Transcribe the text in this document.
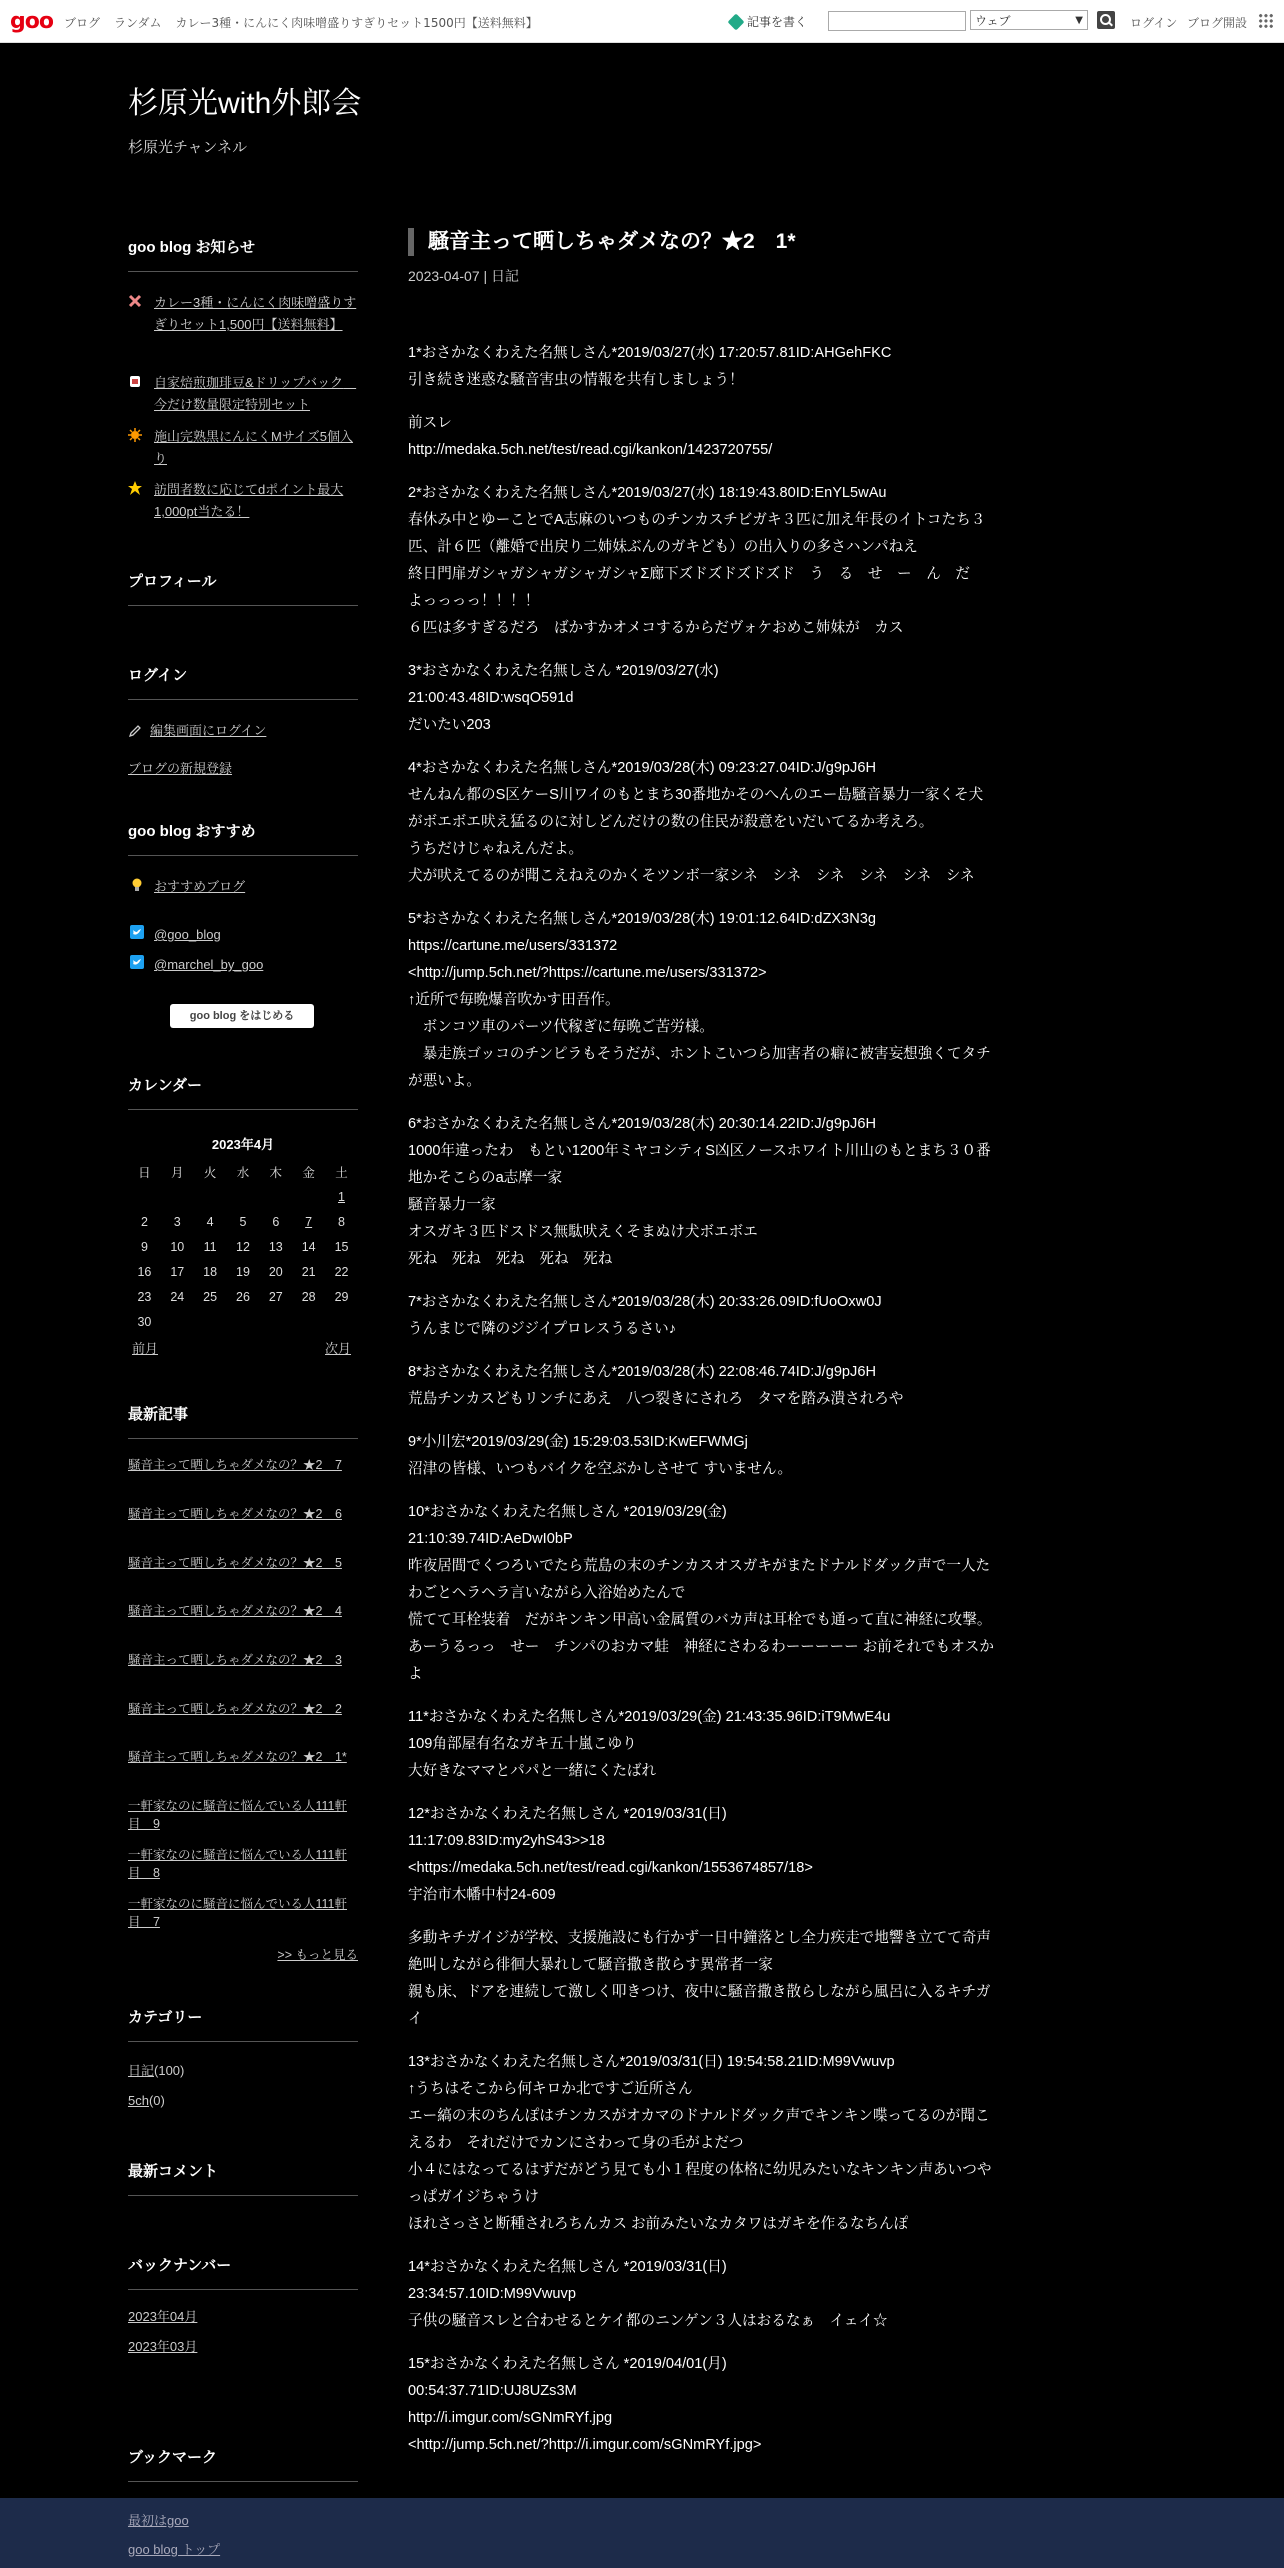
goo ブログ ランダム カレー3種・にんにく肉味噌盛りすぎりセット1500円【送料無料】	記事を書く	ウェブ	▼	ログイン ブログ開設
杉原光with外郎会
杉原光チャンネル
goo blog お知らせ
カレー3種・にんにく肉味噌盛りすぎりセット1,500円【送料無料】
自家焙煎珈琲豆&ドリップバック　今だけ数量限定特別セット
施山完熟黒にんにくMサイズ5個入り
訪問者数に応じてdポイント最大1,000pt当たる！
プロフィール
ログイン
編集画面にログイン
ブログの新規登録
goo blog おすすめ
おすすめブログ
@goo_blog
@marchel_by_goo
goo blog をはじめる
カレンダー
2023年4月
日	月	火	水	木	金	土
						1
2	3	4	5	6	7	8
9	10	11	12	13	14	15
16	17	18	19	20	21	22
23	24	25	26	27	28	29
30						
前月	次月
最新記事
騒音主って晒しちゃダメなの？★2　7
騒音主って晒しちゃダメなの？★2　6
騒音主って晒しちゃダメなの？★2　5
騒音主って晒しちゃダメなの？★2　4
騒音主って晒しちゃダメなの？★2　3
騒音主って晒しちゃダメなの？★2　2
騒音主って晒しちゃダメなの？★2　1*
一軒家なのに騒音に悩んでいる人111軒目　9
一軒家なのに騒音に悩んでいる人111軒目　8
一軒家なのに騒音に悩んでいる人111軒目　7
>> もっと見る
カテゴリー
日記(100)
5ch(0)
最新コメント
バックナンバー
2023年04月
2023年03月
ブックマーク
騒音主って晒しちゃダメなの？★2　1*
2023-04-07 | 日記

1*おさかなくわえた名無しさん*2019/03/27(水) 17:20:57.81ID:AHGehFKC
引き続き迷惑な騒音害虫の情報を共有しましょう！

前スレ
http://medaka.5ch.net/test/read.cgi/kankon/1423720755/

2*おさかなくわえた名無しさん*2019/03/27(水) 18:19:43.80ID:EnYL5wAu
春休み中とゆーことでA志麻のいつものチンカスチビガキ３匹に加え年長のイトコたち３匹、計６匹（離婚で出戻り二姉妹ぶんのガキども）の出入りの多さハンパねえ
終日門扉ガシャガシャガシャガシャΣ廊下ズドズドズドズド　う　る　せ　ー　ん　だ　よっっっっ！！！！
６匹は多すぎるだろ　ばかすかオメコするからだヴォケおめこ姉妹が　カス

3*おさかなくわえた名無しさん *2019/03/27(水)
21:00:43.48ID:wsqO591d
だいたい203

4*おさかなくわえた名無しさん*2019/03/28(木) 09:23:27.04ID:J/g9pJ6H
せんねん都のS区ケーS川ワイのもとまち30番地かそのへんのエー島騒音暴力一家くそ犬がボエボエ吠え猛るのに対しどんだけの数の住民が殺意をいだいてるか考えろ。
うちだけじゃねえんだよ。
犬が吠えてるのが聞こえねえのかくそツンボ一家シネ　シネ　シネ　シネ　シネ　シネ

5*おさかなくわえた名無しさん*2019/03/28(木) 19:01:12.64ID:dZX3N3g
https://cartune.me/users/331372
<http://jump.5ch.net/?https://cartune.me/users/331372>
↑近所で毎晩爆音吹かす田吾作。
　ボンコツ車のパーツ代稼ぎに毎晩ご苦労様。
　暴走族ゴッコのチンピラもそうだが、ホントこいつら加害者の癖に被害妄想強くてタチが悪いよ。

6*おさかなくわえた名無しさん*2019/03/28(木) 20:30:14.22ID:J/g9pJ6H
1000年違ったわ　もとい1200年ミヤコシティS凶区ノースホワイト川山のもとまち３０番地かそこらのa志摩一家
騒音暴力一家
オスガキ３匹ドスドス無駄吠えくそまぬけ犬ボエボエ
死ね　死ね　死ね　死ね　死ね

7*おさかなくわえた名無しさん*2019/03/28(木) 20:33:26.09ID:fUoOxw0J
うんまじで隣のジジイプロレスうるさい♪

8*おさかなくわえた名無しさん*2019/03/28(木) 22:08:46.74ID:J/g9pJ6H
荒島チンカスどもリンチにあえ　八つ裂きにされろ　タマを踏み潰されろや

9*小川宏*2019/03/29(金) 15:29:03.53ID:KwEFWMGj
沼津の皆様、いつもバイクを空ぶかしさせて すいません。

10*おさかなくわえた名無しさん *2019/03/29(金)
21:10:39.74ID:AeDwI0bP
昨夜居間でくつろいでたら荒島の末のチンカスオスガキがまたドナルドダック声で一人たわごとヘラヘラ言いながら入浴始めたんで
慌てて耳栓装着　だがキンキン甲高い金属質のバカ声は耳栓でも通って直に神経に攻撃。
あーうるっっ　せー　チンパのおカマ蛙　神経にさわるわーーーーー お前それでもオスかよ

11*おさかなくわえた名無しさん*2019/03/29(金) 21:43:35.96ID:iT9MwE4u
109角部屋有名なガキ五十嵐こゆり
大好きなママとパパと一緒にくたばれ

12*おさかなくわえた名無しさん *2019/03/31(日)
11:17:09.83ID:my2yhS43>>18
<https://medaka.5ch.net/test/read.cgi/kankon/1553674857/18>
宇治市木幡中村24-609

多動キチガイジが学校、支援施設にも行かず一日中鐘落とし全力疾走で地響き立てて奇声絶叫しながら徘徊大暴れして騒音撒き散らす異常者一家
親も床、ドアを連続して激しく叩きつけ、夜中に騒音撒き散らしながら風呂に入るキチガイ

13*おさかなくわえた名無しさん*2019/03/31(日) 19:54:58.21ID:M99Vwuvp
↑うちはそこから何キロか北ですご近所さん
エー縞の末のちんぽはチンカスがオカマのドナルドダック声でキンキン喋ってるのが聞こえるわ　それだけでカンにさわって身の毛がよだつ
小４にはなってるはずだがどう見ても小１程度の体格に幼児みたいなキンキン声あいつやっぱガイジちゃうけ
ほれさっさと断種されろちんカス お前みたいなカタワはガキを作るなちんぽ

14*おさかなくわえた名無しさん *2019/03/31(日)
23:34:57.10ID:M99Vwuvp
子供の騒音スレと合わせるとケイ都のニンゲン３人はおるなぁ　イェイ☆

15*おさかなくわえた名無しさん *2019/04/01(月)
00:54:37.71ID:UJ8UZs3M
http://i.imgur.com/sGNmRYf.jpg
<http://jump.5ch.net/?http://i.imgur.com/sGNmRYf.jpg>

最初はgoo
goo blog トップ
